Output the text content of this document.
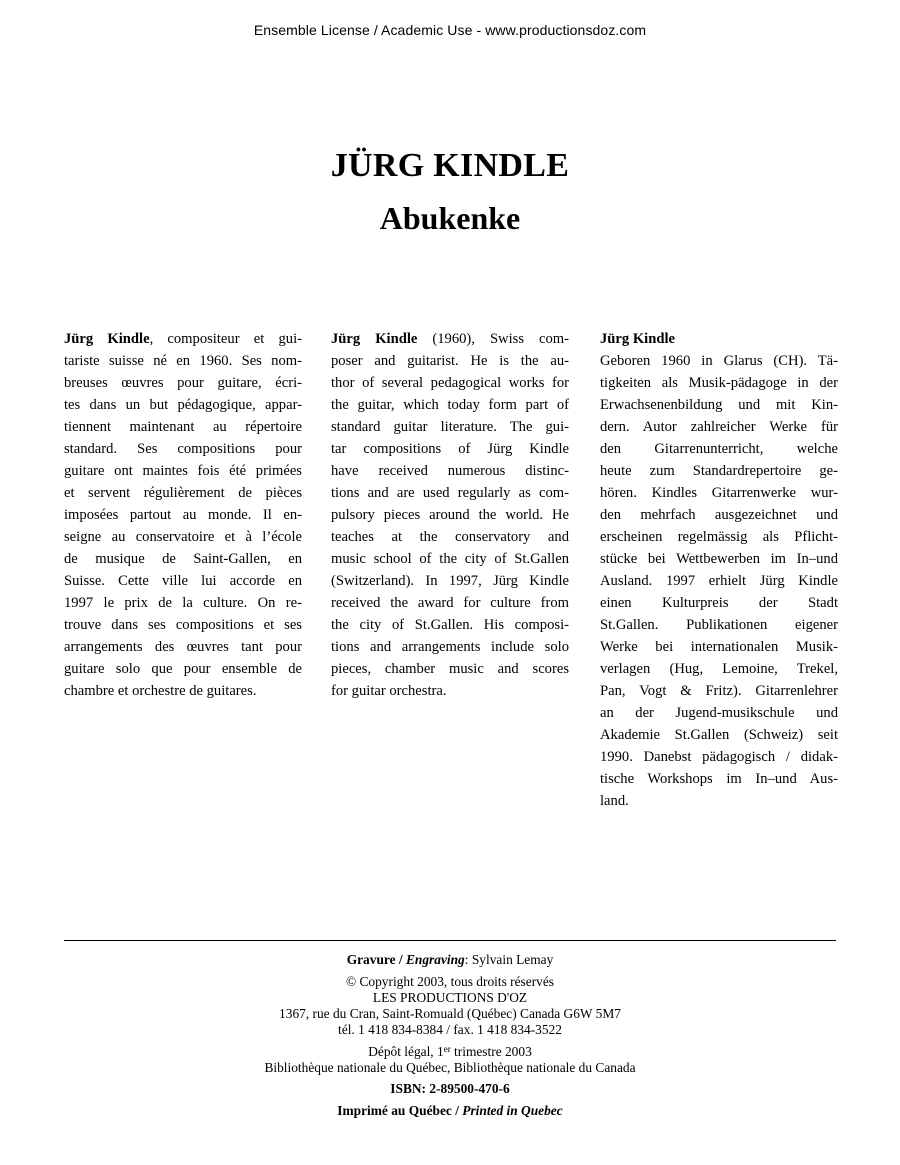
Ensemble License / Academic Use - www.productionsdoz.com
JÜRG KINDLE
Abukenke
Jürg Kindle, compositeur et gui-
tariste suisse né en 1960. Ses nom-
breuses œuvres pour guitare, écri-
tes dans un but pédagogique, appar-
tiennent maintenant au répertoire
standard. Ses compositions pour
guitare ont maintes fois été primées
et servent régulièrement de pièces
imposées partout au monde. Il en-
seigne au conservatoire et à l’école
de musique de Saint-Gallen, en
Suisse. Cette ville lui accorde en
1997 le prix de la culture. On re-
trouve dans ses compositions et ses
arrangements des œuvres tant pour
guitare solo que pour ensemble de
chambre et orchestre de guitares.
Jürg Kindle (1960), Swiss com-
poser and guitarist. He is the au-
thor of several pedagogical works for
the guitar, which today form part of
standard guitar literature. The gui-
tar compositions of Jürg Kindle
have received numerous distinc-
tions and are used regularly as com-
pulsory pieces around the world. He
teaches at the conservatory and
music school of the city of St.Gallen
(Switzerland). In 1997, Jürg Kindle
received the award for culture from
the city of St.Gallen. His composi-
tions and arrangements include solo
pieces, chamber music and scores
for guitar orchestra.
Jürg Kindle
Geboren 1960 in Glarus (CH). Tä-
tigkeiten als Musik-pädagoge in der
Erwachsenenbildung und mit Kin-
dern. Autor zahlreicher Werke für
den Gitarrenunterricht, welche
heute zum Standardrepertoire ge-
hören. Kindles Gitarrenwerke wur-
den mehrfach ausgezeichnet und
erscheinen regelmässig als Pflicht-
stücke bei Wettbewerben im In–und
Ausland. 1997 erhielt Jürg Kindle
einen Kulturpreis der Stadt
St.Gallen. Publikationen eigener
Werke bei internationalen Musik-
verlagen (Hug, Lemoine, Trekel,
Pan, Vogt & Fritz). Gitarrenlehrer
an der Jugend-musikschule und
Akademie St.Gallen (Schweiz) seit
1990. Danebst pädagogisch / didak-
tische Workshops im In–und Aus-
land.
Gravure / Engraving: Sylvain Lemay
© Copyright 2003, tous droits réservés
LES PRODUCTIONS D'OZ
1367, rue du Cran, Saint-Romuald (Québec) Canada G6W 5M7
tél. 1 418 834-8384 / fax. 1 418 834-3522
Dépôt légal, 1er trimestre 2003
Bibliothèque nationale du Québec, Bibliothèque nationale du Canada
ISBN: 2-89500-470-6
Imprimé au Québec / Printed in Quebec
